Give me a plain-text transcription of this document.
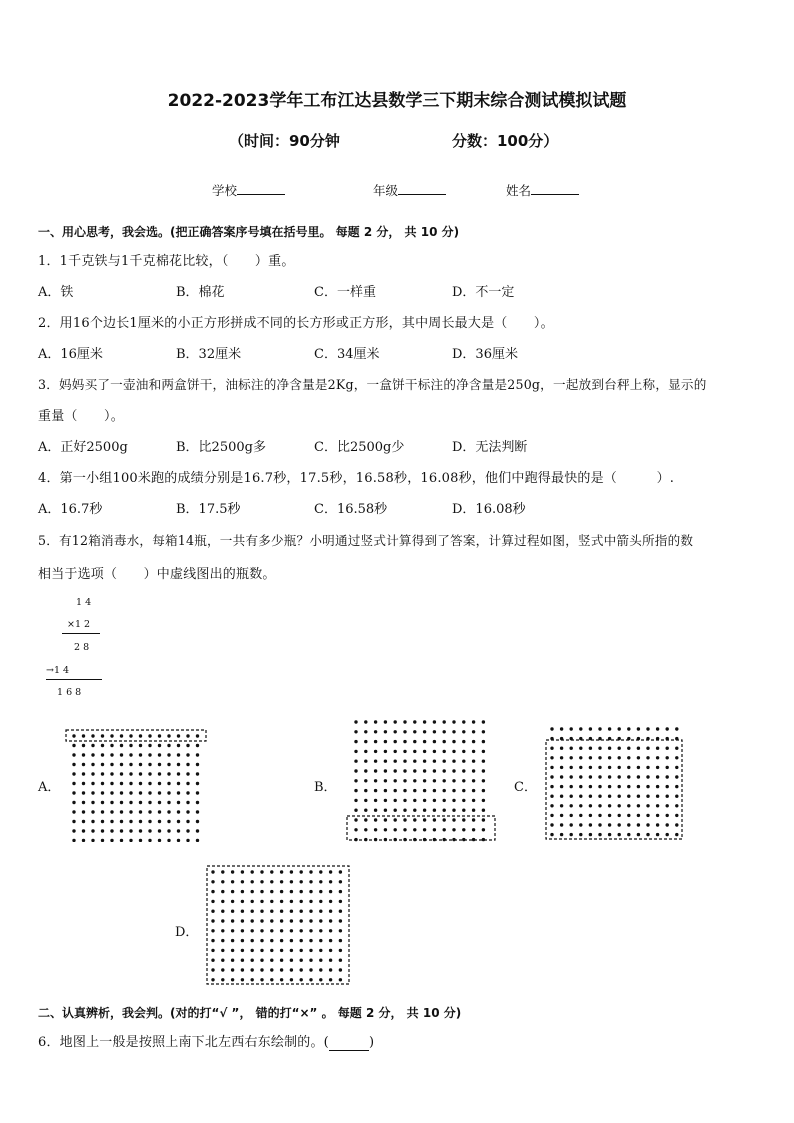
2022-2023学年工布江达县数学三下期末综合测试模拟试题
（时间：90分钟	分数：100分）
学校	年级	姓名
一、用心思考，我会选。(把正确答案序号填在括号里。 每题 2 分， 共 10 分)
1．1千克铁与1千克棉花比较，（　　）重。
A．铁	B．棉花	C．一样重	D．不一定
2．用16个边长1厘米的小正方形拼成不同的长方形或正方形，其中周长最大是（　　）。
A．16厘米	B．32厘米	C．34厘米	D．36厘米
3．妈妈买了一壶油和两盒饼干，油标注的净含量是2Kg，一盒饼干标注的净含量是250g，一起放到台秤上称，显示的
重量（　　）。
A．正好2500g	B．比2500g多	C．比2500g少	D．无法判断
4．第一小组100米跑的成绩分别是16.7秒，17.5秒，16.58秒，16.08秒，他们中跑得最快的是（　　　）.
A．16.7秒	B．17.5秒	C．16.58秒	D．16.08秒
5．有12箱消毒水，每箱14瓶，一共有多少瓶？小明通过竖式计算得到了答案，计算过程如图，竖式中箭头所指的数
相当于选项（　　）中虚线图出的瓶数。
1 4
×1 2
2 8
→1 4
1 6 8
A．	B．	C．
D．
二、认真辨析，我会判。(对的打“√ ”， 错的打“×” 。 每题 2 分， 共 10 分)
6．地图上一般是按照上南下北左西右东绘制的。(	)
